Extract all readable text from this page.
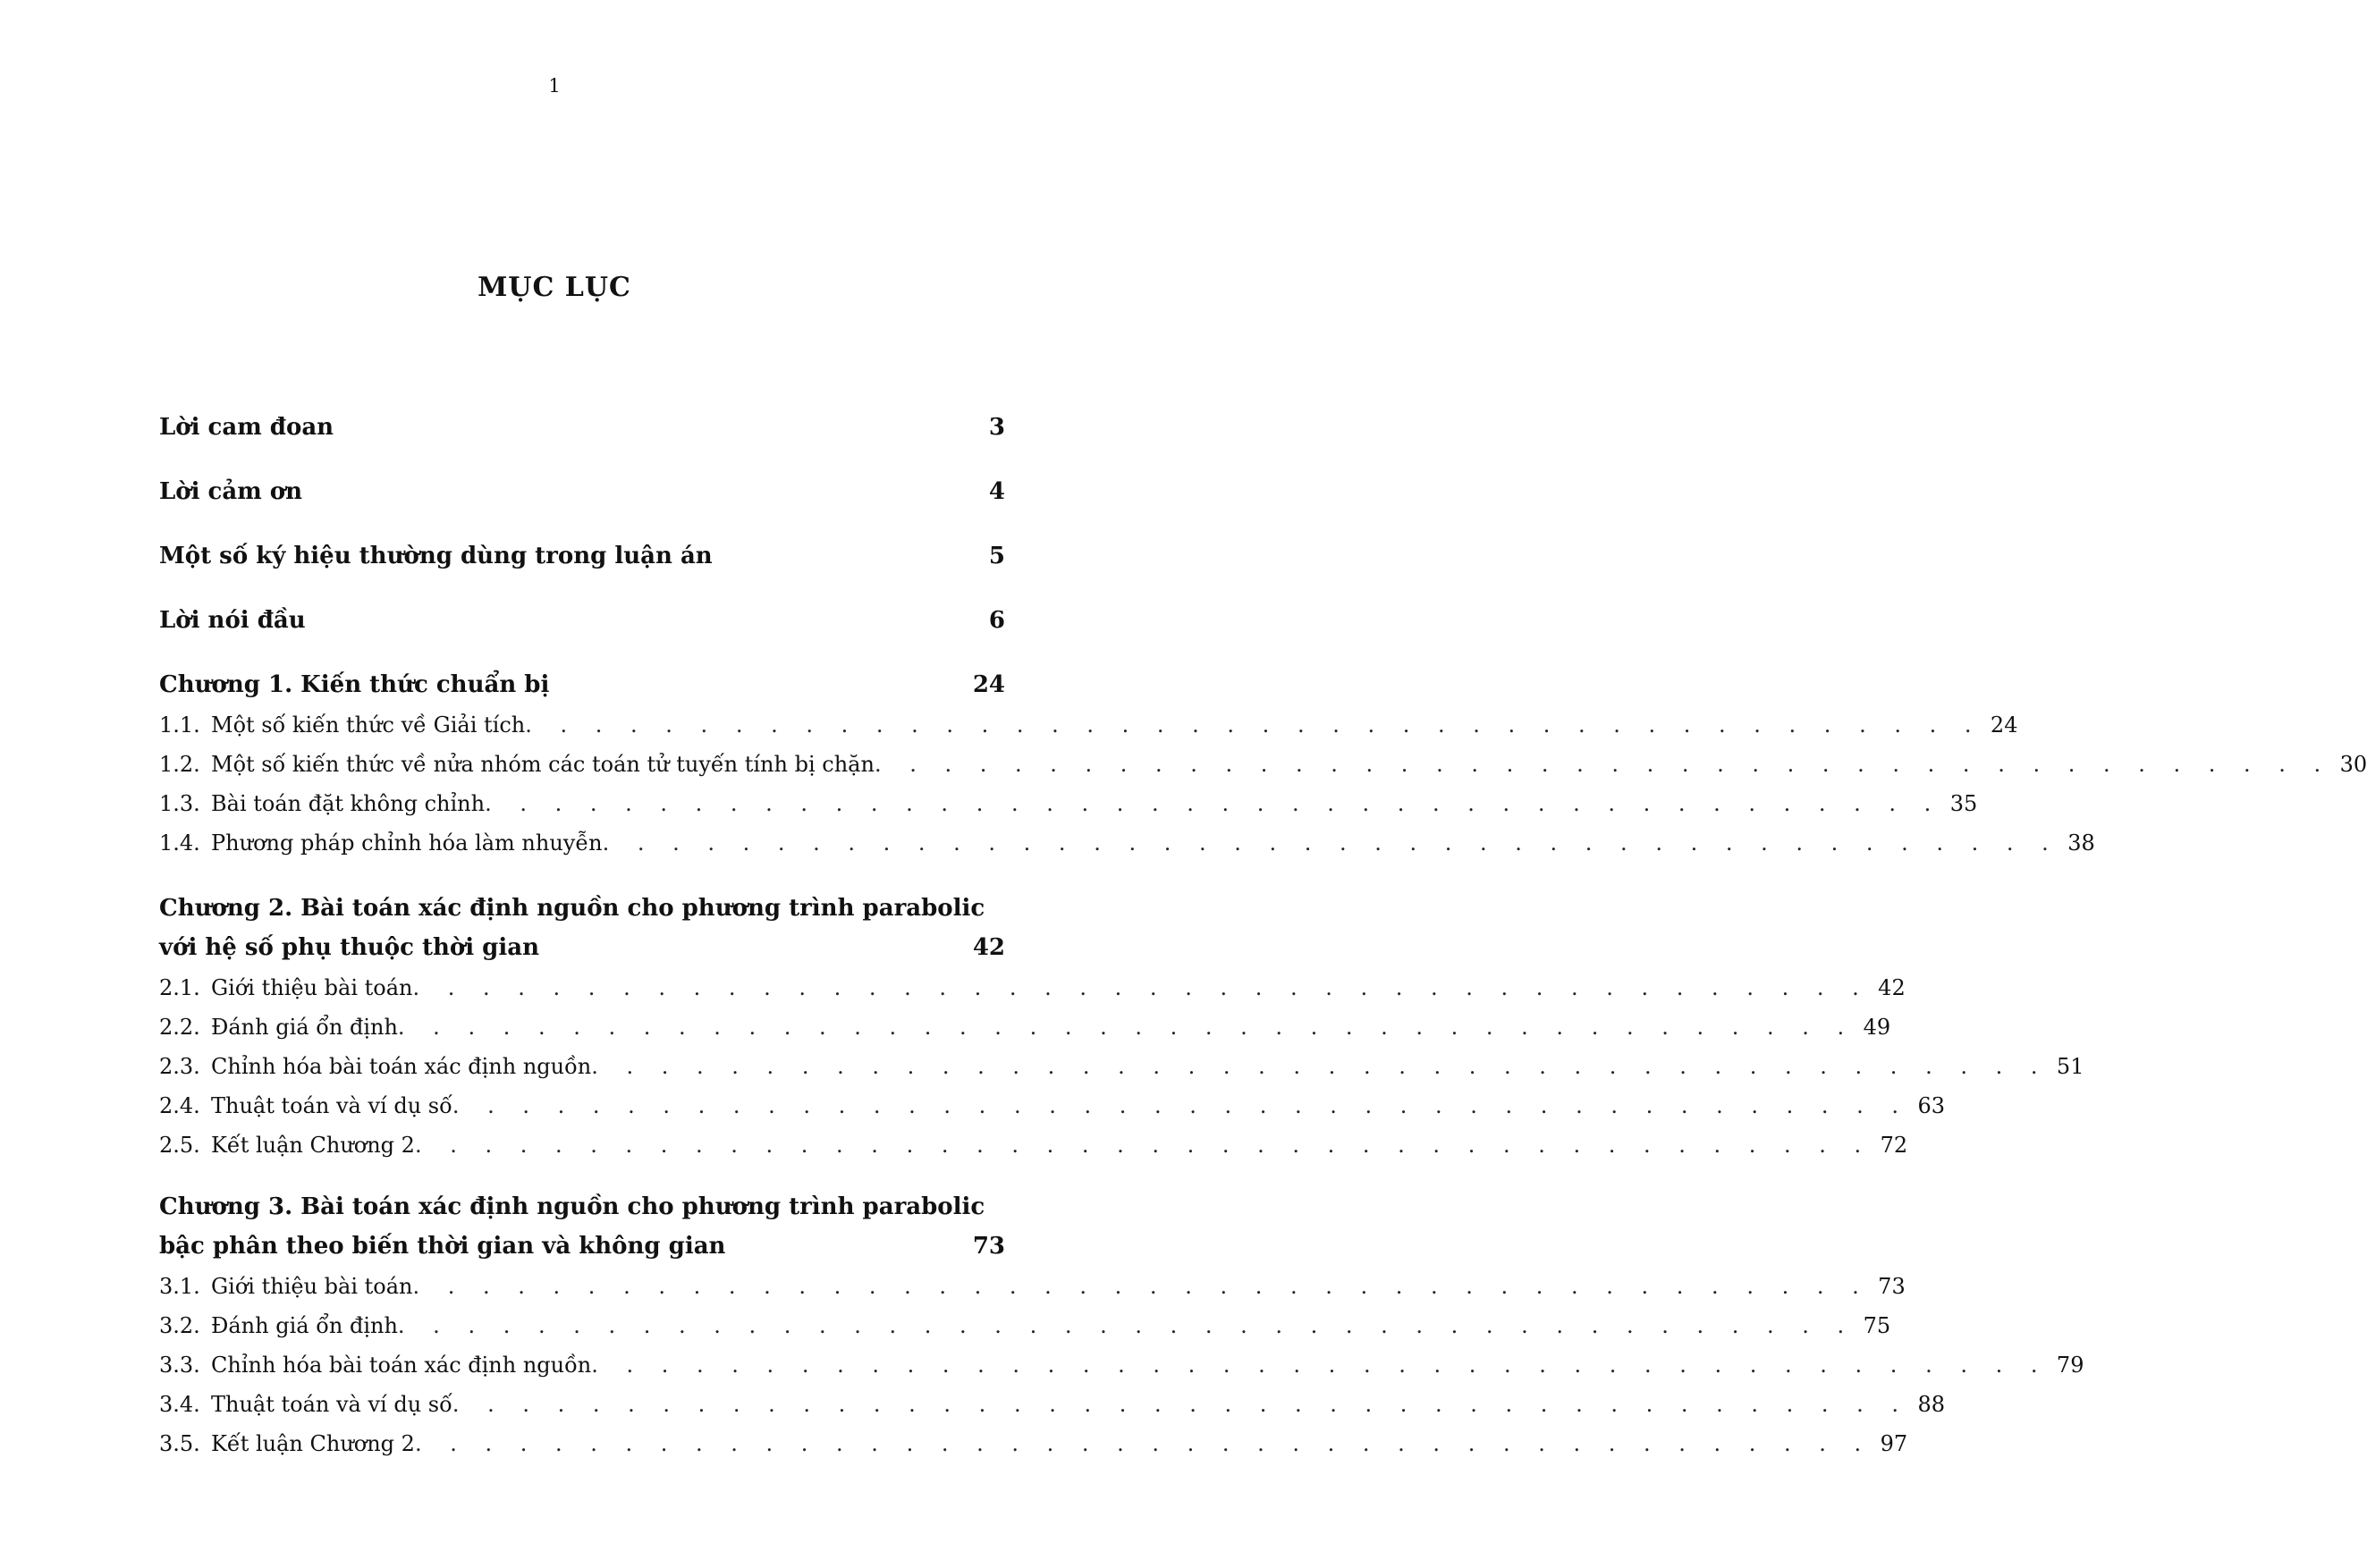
1
MỤC LỤC
Lời cam đoan	3
Lời cảm ơn	4
Một số ký hiệu thường dùng trong luận án	5
Lời nói đầu	6
Chương 1. Kiến thức chuẩn bị	24
1.1. Một số kiến thức về Giải tích . . . . . . . . . . . . . . . . . . . . . . . . . . . . . . . . . . . . . . . . . . 24
1.2. Một số kiến thức về nửa nhóm các toán tử tuyến tính bị chặn . . . . . . . . . . . . . . . . . . . . . . . . . . . . . . . . . . . . . . . . . . 30
1.3. Bài toán đặt không chỉnh . . . . . . . . . . . . . . . . . . . . . . . . . . . . . . . . . . . . . . . . . . 35
1.4. Phương pháp chỉnh hóa làm nhuyễn . . . . . . . . . . . . . . . . . . . . . . . . . . . . . . . . . . . . . . . . . . 38
Chương 2. Bài toán xác định nguồn cho phương trình parabolic
với hệ số phụ thuộc thời gian	42
2.1. Giới thiệu bài toán . . . . . . . . . . . . . . . . . . . . . . . . . . . . . . . . . . . . . . . . . . 42
2.2. Đánh giá ổn định . . . . . . . . . . . . . . . . . . . . . . . . . . . . . . . . . . . . . . . . . . 49
2.3. Chỉnh hóa bài toán xác định nguồn . . . . . . . . . . . . . . . . . . . . . . . . . . . . . . . . . . . . . . . . . . 51
2.4. Thuật toán và ví dụ số . . . . . . . . . . . . . . . . . . . . . . . . . . . . . . . . . . . . . . . . . . 63
2.5. Kết luận Chương 2 . . . . . . . . . . . . . . . . . . . . . . . . . . . . . . . . . . . . . . . . . . 72
Chương 3. Bài toán xác định nguồn cho phương trình parabolic
bậc phân theo biến thời gian và không gian	73
3.1. Giới thiệu bài toán . . . . . . . . . . . . . . . . . . . . . . . . . . . . . . . . . . . . . . . . . . 73
3.2. Đánh giá ổn định . . . . . . . . . . . . . . . . . . . . . . . . . . . . . . . . . . . . . . . . . . 75
3.3. Chỉnh hóa bài toán xác định nguồn . . . . . . . . . . . . . . . . . . . . . . . . . . . . . . . . . . . . . . . . . . 79
3.4. Thuật toán và ví dụ số . . . . . . . . . . . . . . . . . . . . . . . . . . . . . . . . . . . . . . . . . . 88
3.5. Kết luận Chương 2 . . . . . . . . . . . . . . . . . . . . . . . . . . . . . . . . . . . . . . . . . . 97
